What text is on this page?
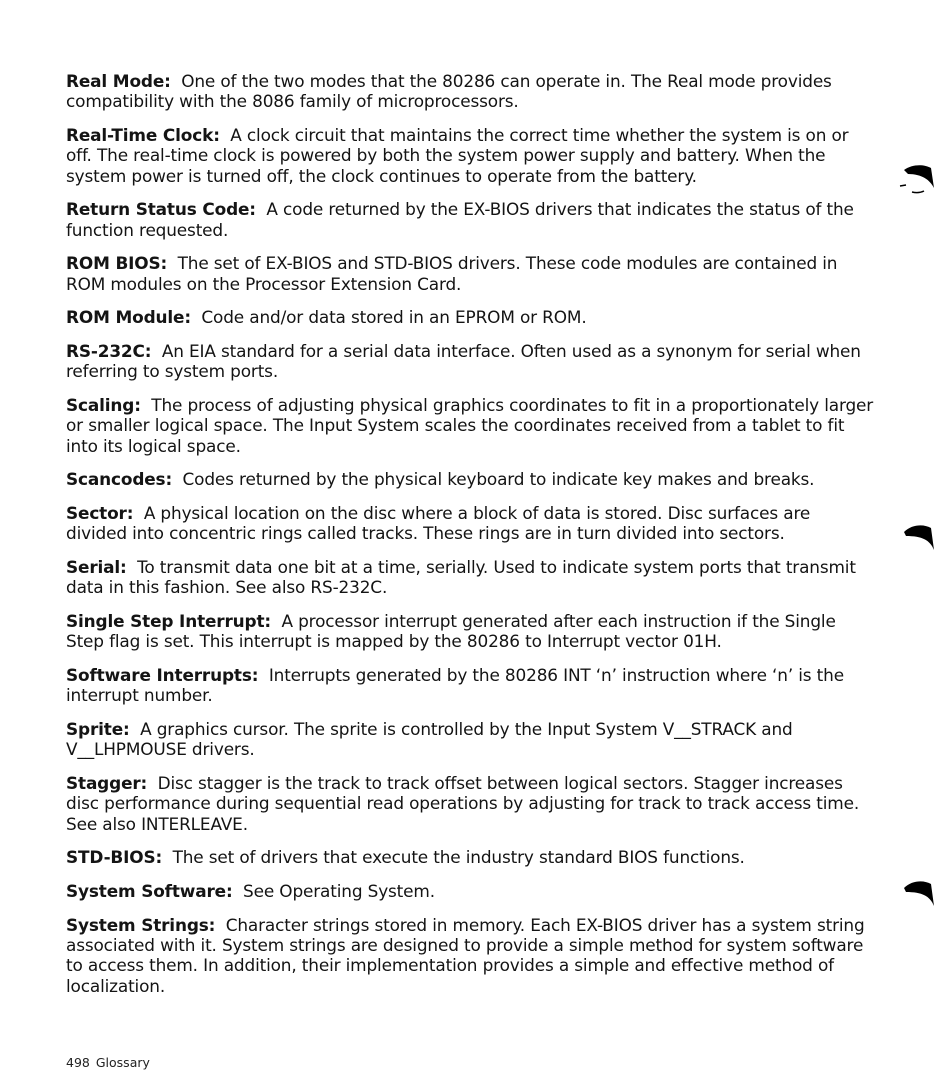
Real Mode: One of the two modes that the 80286 can operate in. The Real mode provides compatibility with the 8086 family of microprocessors.

Real-Time Clock: A clock circuit that maintains the correct time whether the system is on or off. The real-time clock is powered by both the system power supply and battery. When the system power is turned off, the clock continues to operate from the battery.

Return Status Code: A code returned by the EX-BIOS drivers that indicates the status of the function requested.

ROM BIOS: The set of EX-BIOS and STD-BIOS drivers. These code modules are contained in ROM modules on the Processor Extension Card.

ROM Module: Code and/or data stored in an EPROM or ROM.

RS-232C: An EIA standard for a serial data interface. Often used as a synonym for serial when referring to system ports.

Scaling: The process of adjusting physical graphics coordinates to fit in a proportionately larger or smaller logical space. The Input System scales the coordinates received from a tablet to fit into its logical space.

Scancodes: Codes returned by the physical keyboard to indicate key makes and breaks.

Sector: A physical location on the disc where a block of data is stored. Disc surfaces are divided into concentric rings called tracks. These rings are in turn divided into sectors.

Serial: To transmit data one bit at a time, serially. Used to indicate system ports that transmit data in this fashion. See also RS-232C.

Single Step Interrupt: A processor interrupt generated after each instruction if the Single Step flag is set. This interrupt is mapped by the 80286 to Interrupt vector 01H.

Software Interrupts: Interrupts generated by the 80286 INT ‘n’ instruction where ‘n’ is the interrupt number.

Sprite: A graphics cursor. The sprite is controlled by the Input System V__STRACK and V__LHPMOUSE drivers.

Stagger: Disc stagger is the track to track offset between logical sectors. Stagger increases disc performance during sequential read operations by adjusting for track to track access time. See also INTERLEAVE.

STD-BIOS: The set of drivers that execute the industry standard BIOS functions.

System Software: See Operating System.

System Strings: Character strings stored in memory. Each EX-BIOS driver has a system string associated with it. System strings are designed to provide a simple method for system software to access them. In addition, their implementation provides a simple and effective method of localization.

498 Glossary
